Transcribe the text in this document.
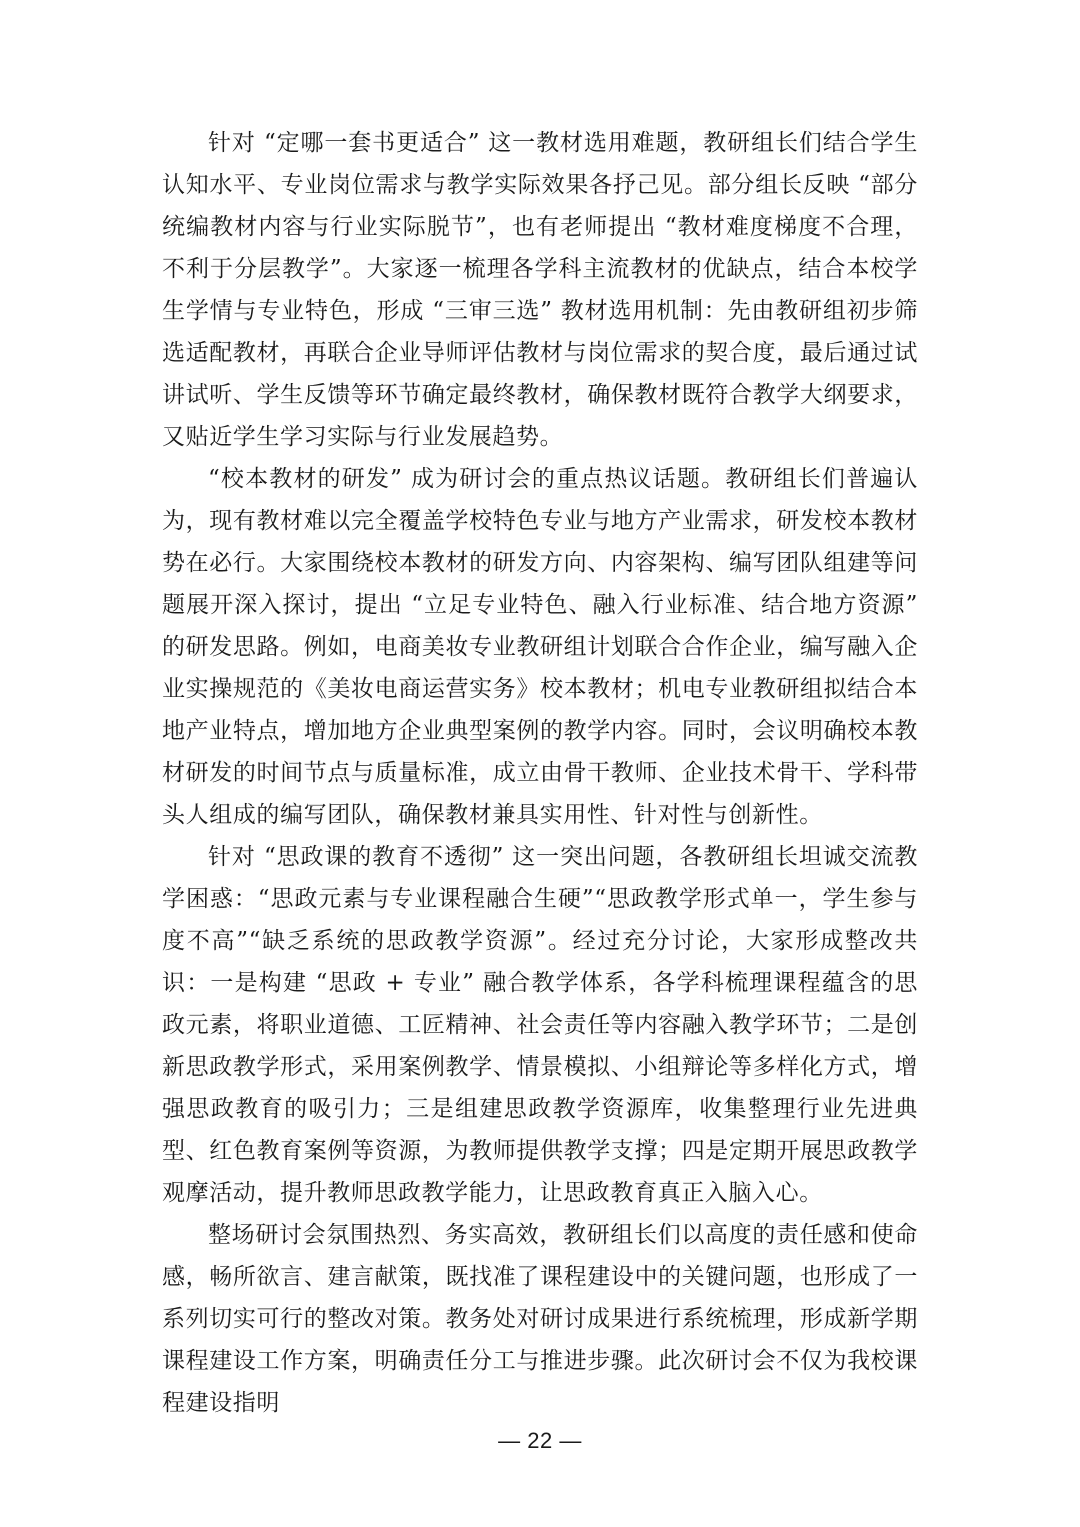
针对 “定哪一套书更适合” 这一教材选用难题，教研组长们结合学生认知水平、专业岗位需求与教学实际效果各抒己见。部分组长反映 “部分统编教材内容与行业实际脱节”，也有老师提出 “教材难度梯度不合理，不利于分层教学”。大家逐一梳理各学科主流教材的优缺点，结合本校学生学情与专业特色，形成 “三审三选” 教材选用机制：先由教研组初步筛选适配教材，再联合企业导师评估教材与岗位需求的契合度，最后通过试讲试听、学生反馈等环节确定最终教材，确保教材既符合教学大纲要求，又贴近学生学习实际与行业发展趋势。

“校本教材的研发” 成为研讨会的重点热议话题。教研组长们普遍认为，现有教材难以完全覆盖学校特色专业与地方产业需求，研发校本教材势在必行。大家围绕校本教材的研发方向、内容架构、编写团队组建等问题展开深入探讨，提出 “立足专业特色、融入行业标准、结合地方资源” 的研发思路。例如，电商美妆专业教研组计划联合合作企业，编写融入企业实操规范的《美妆电商运营实务》校本教材；机电专业教研组拟结合本地产业特点，增加地方企业典型案例的教学内容。同时，会议明确校本教材研发的时间节点与质量标准，成立由骨干教师、企业技术骨干、学科带头人组成的编写团队，确保教材兼具实用性、针对性与创新性。

针对 “思政课的教育不透彻” 这一突出问题，各教研组长坦诚交流教学困惑：“思政元素与专业课程融合生硬”“思政教学形式单一，学生参与度不高”“缺乏系统的思政教学资源”。经过充分讨论，大家形成整改共识：一是构建 “思政 + 专业” 融合教学体系，各学科梳理课程蕴含的思政元素，将职业道德、工匠精神、社会责任等内容融入教学环节；二是创新思政教学形式，采用案例教学、情景模拟、小组辩论等多样化方式，增强思政教育的吸引力；三是组建思政教学资源库，收集整理行业先进典型、红色教育案例等资源，为教师提供教学支撑；四是定期开展思政教学观摩活动，提升教师思政教学能力，让思政教育真正入脑入心。

整场研讨会氛围热烈、务实高效，教研组长们以高度的责任感和使命感，畅所欲言、建言献策，既找准了课程建设中的关键问题，也形成了一系列切实可行的整改对策。教务处对研讨成果进行系统梳理，形成新学期课程建设工作方案，明确责任分工与推进步骤。此次研讨会不仅为我校课程建设指明

— 22 —
